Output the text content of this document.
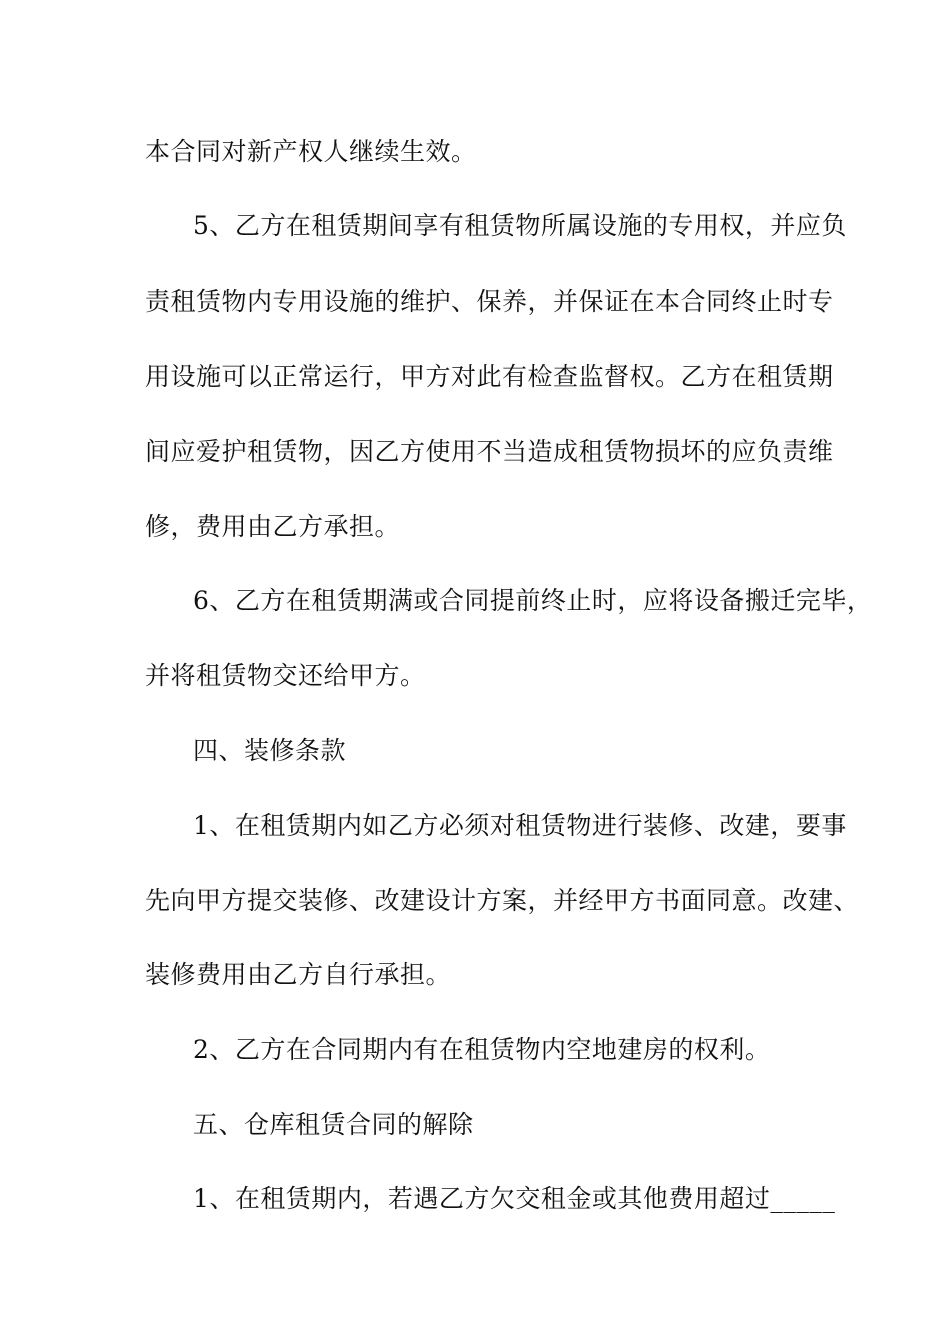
本合同对新产权人继续生效。
5、乙方在租赁期间享有租赁物所属设施的专用权，并应负
责租赁物内专用设施的维护、保养，并保证在本合同终止时专
用设施可以正常运行，甲方对此有检查监督权。乙方在租赁期
间应爱护租赁物，因乙方使用不当造成租赁物损坏的应负责维
修，费用由乙方承担。
6、乙方在租赁期满或合同提前终止时，应将设备搬迁完毕，
并将租赁物交还给甲方。
四、装修条款
1、在租赁期内如乙方必须对租赁物进行装修、改建，要事
先向甲方提交装修、改建设计方案，并经甲方书面同意。改建、
装修费用由乙方自行承担。
2、乙方在合同期内有在租赁物内空地建房的权利。
五、仓库租赁合同的解除
1、在租赁期内，若遇乙方欠交租金或其他费用超过_____
